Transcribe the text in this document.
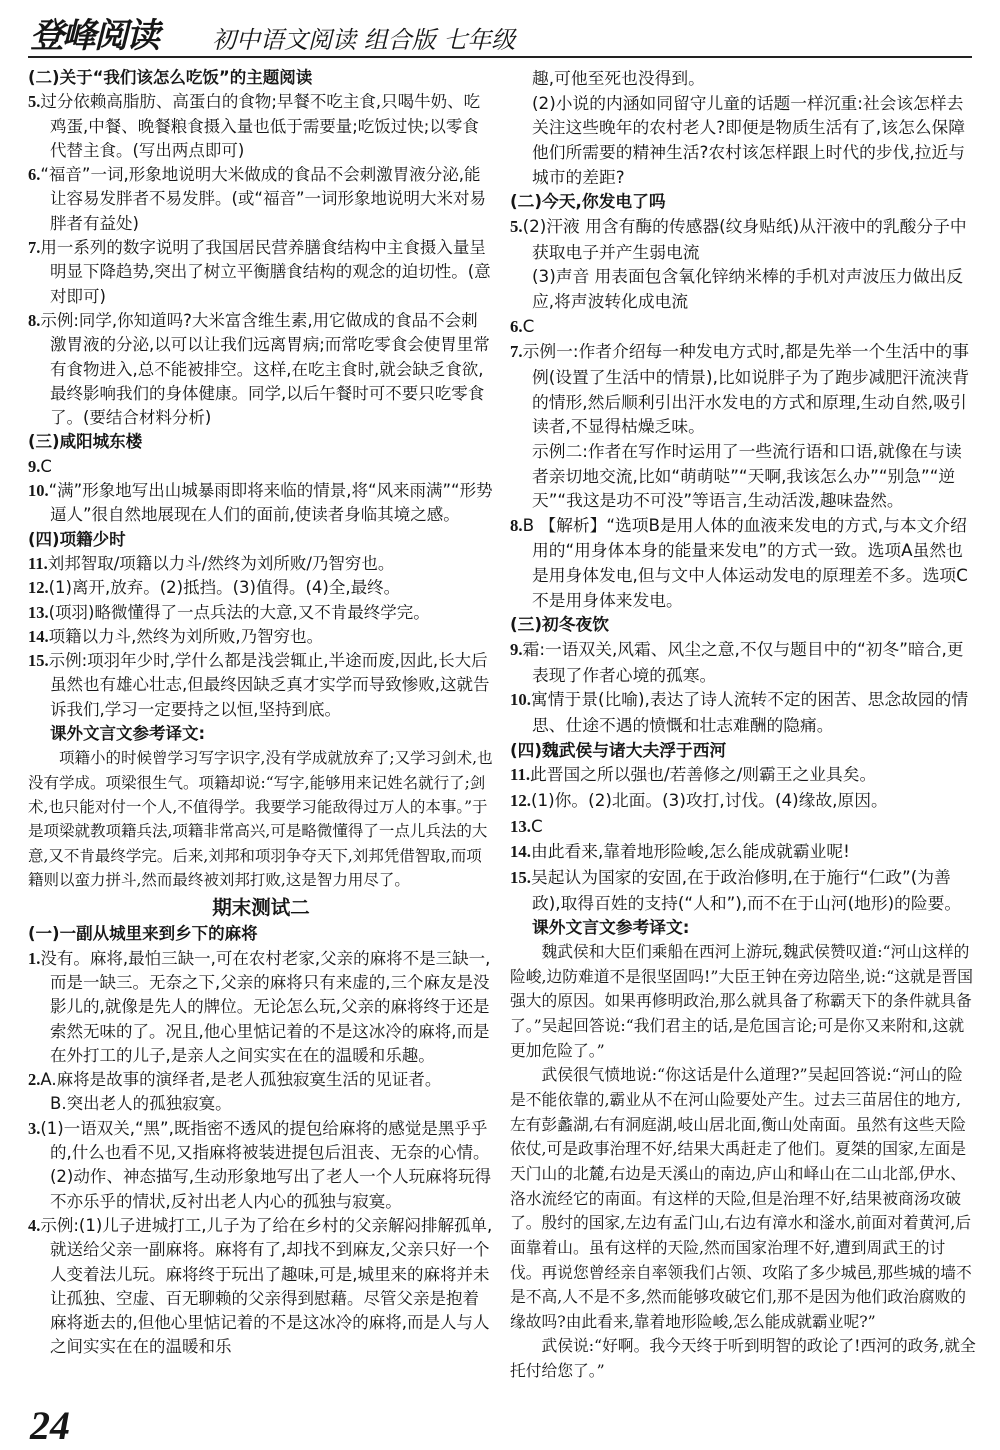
登峰阅读 初中语文阅读 组合版 七年级
(二)关于“我们该怎么吃饭”的主题阅读
5.过分依赖高脂肪、高蛋白的食物;早餐不吃主食,只喝牛奶、吃鸡蛋,中餐、晚餐粮食摄入量也低于需要量;吃饭过快;以零食代替主食。(写出两点即可)
6.“福音”一词,形象地说明大米做成的食品不会刺激胃液分泌,能让容易发胖者不易发胖。(或“福音”一词形象地说明大米对易胖者有益处)
7.用一系列的数字说明了我国居民营养膳食结构中主食摄入量呈明显下降趋势,突出了树立平衡膳食结构的观念的迫切性。(意对即可)
8.示例:同学,你知道吗?大米富含维生素,用它做成的食品不会刺激胃液的分泌,以可以让我们远离胃病;而常吃零食会使胃里常有食物进入,总不能被排空。这样,在吃主食时,就会缺乏食欲,最终影响我们的身体健康。同学,以后午餐时可不要只吃零食了。(要结合材料分析)
(三)咸阳城东楼
9.C
10.“满”形象地写出山城暴雨即将来临的情景,将“风来雨满”“形势逼人”很自然地展现在人们的面前,使读者身临其境之感。
(四)项籍少时
11.刘邦智取/项籍以力斗/然终为刘所败/乃智穷也。
12.(1)离开,放弃。(2)抵挡。(3)值得。(4)全,最终。
13.(项羽)略微懂得了一点兵法的大意,又不肯最终学完。
14.项籍以力斗,然终为刘所败,乃智穷也。
15.示例:项羽年少时,学什么都是浅尝辄止,半途而废,因此,长大后虽然也有雄心壮志,但最终因缺乏真才实学而导致惨败,这就告诉我们,学习一定要持之以恒,坚持到底。
课外文言文参考译文:
项籍小的时候曾学习写字识字,没有学成就放弃了;又学习剑术,也没有学成。项梁很生气。项籍却说:“写字,能够用来记姓名就行了;剑术,也只能对付一个人,不值得学。我要学习能敌得过万人的本事。”于是项梁就教项籍兵法,项籍非常高兴,可是略微懂得了一点儿兵法的大意,又不肯最终学完。后来,刘邦和项羽争夺天下,刘邦凭借智取,而项籍则以蛮力拼斗,然而最终被刘邦打败,这是智力用尽了。
期末测试二
(一)一副从城里来到乡下的麻将
1.没有。麻将,最怕三缺一,可在农村老家,父亲的麻将不是三缺一,而是一缺三。无奈之下,父亲的麻将只有来虚的,三个麻友是没影儿的,就像是先人的牌位。无论怎么玩,父亲的麻将终于还是索然无味的了。况且,他心里惦记着的不是这冰冷的麻将,而是在外打工的儿子,是亲人之间实实在在的温暖和乐趣。
2.A.麻将是故事的演绎者,是老人孤独寂寞生活的见证者。
B.突出老人的孤独寂寞。
3.(1)一语双关,“黑”,既指密不透风的提包给麻将的感觉是黑乎乎的,什么也看不见,又指麻将被装进提包后沮丧、无奈的心情。
(2)动作、神态描写,生动形象地写出了老人一个人玩麻将玩得不亦乐乎的情状,反衬出老人内心的孤独与寂寞。
4.示例:(1)儿子进城打工,儿子为了给在乡村的父亲解闷排解孤单,就送给父亲一副麻将。麻将有了,却找不到麻友,父亲只好一个人变着法儿玩。麻将终于玩出了趣味,可是,城里来的麻将并未让孤独、空虚、百无聊赖的父亲得到慰藉。尽管父亲是抱着麻将逝去的,但他心里惦记着的不是这冰冷的麻将,而是人与人之间实实在在的温暖和乐
趣,可他至死也没得到。
(2)小说的内涵如同留守儿童的话题一样沉重:社会该怎样去关注这些晚年的农村老人?即便是物质生活有了,该怎么保障他们所需要的精神生活?农村该怎样跟上时代的步伐,拉近与城市的差距?
(二)今天,你发电了吗
5.(2)汗液 用含有酶的传感器(纹身贴纸)从汗液中的乳酸分子中获取电子并产生弱电流
(3)声音 用表面包含氧化锌纳米棒的手机对声波压力做出反应,将声波转化成电流
6.C
7.示例一:作者介绍每一种发电方式时,都是先举一个生活中的事例(设置了生活中的情景),比如说胖子为了跑步减肥汗流浃背的情形,然后顺利引出汗水发电的方式和原理,生动自然,吸引读者,不显得枯燥乏味。
示例二:作者在写作时运用了一些流行语和口语,就像在与读者亲切地交流,比如“萌萌哒”“天啊,我该怎么办”“别急”“逆天”“我这是功不可没”等语言,生动活泼,趣味盎然。
8.B 【解析】“选项B是用人体的血液来发电的方式,与本文介绍用的“用身体本身的能量来发电”的方式一致。选项A虽然也是用身体发电,但与文中人体运动发电的原理差不多。选项C不是用身体来发电。
(三)初冬夜饮
9.霜:一语双关,风霜、风尘之意,不仅与题目中的“初冬”暗合,更表现了作者心境的孤寒。
10.寓情于景(比喻),表达了诗人流转不定的困苦、思念故园的情思、仕途不遇的愤慨和壮志难酬的隐痛。
(四)魏武侯与诸大夫浮于西河
11.此晋国之所以强也/若善修之/则霸王之业具矣。
12.(1)你。(2)北面。(3)攻打,讨伐。(4)缘故,原因。
13.C
14.由此看来,靠着地形险峻,怎么能成就霸业呢!
15.吴起认为国家的安固,在于政治修明,在于施行“仁政”(为善政),取得百姓的支持(“人和”),而不在于山河(地形)的险要。
课外文言文参考译文:
魏武侯和大臣们乘船在西河上游玩,魏武侯赞叹道:“河山这样的险峻,边防难道不是很坚固吗!”大臣王钟在旁边陪坐,说:“这就是晋国强大的原因。如果再修明政治,那么就具备了称霸天下的条件就具备了。”吴起回答说:“我们君主的话,是危国言论;可是你又来附和,这就更加危险了。”
武侯很气愤地说:“你这话是什么道理?”吴起回答说:“河山的险是不能依靠的,霸业从不在河山险要处产生。过去三苗居住的地方,左有彭蠡湖,右有洞庭湖,岐山居北面,衡山处南面。虽然有这些天险依仗,可是政事治理不好,结果大禹赶走了他们。夏桀的国家,左面是天门山的北麓,右边是天溪山的南边,庐山和峄山在二山北部,伊水、洛水流经它的南面。有这样的天险,但是治理不好,结果被商汤攻破了。殷纣的国家,左边有孟门山,右边有漳水和滏水,前面对着黄河,后面靠着山。虽有这样的天险,然而国家治理不好,遭到周武王的讨伐。再说您曾经亲自率领我们占领、攻陷了多少城邑,那些城的墙不是不高,人不是不多,然而能够攻破它们,那不是因为他们政治腐败的缘故吗?由此看来,靠着地形险峻,怎么能成就霸业呢?”
武侯说:“好啊。我今天终于听到明智的政论了!西河的政务,就全托付给您了。”
24
